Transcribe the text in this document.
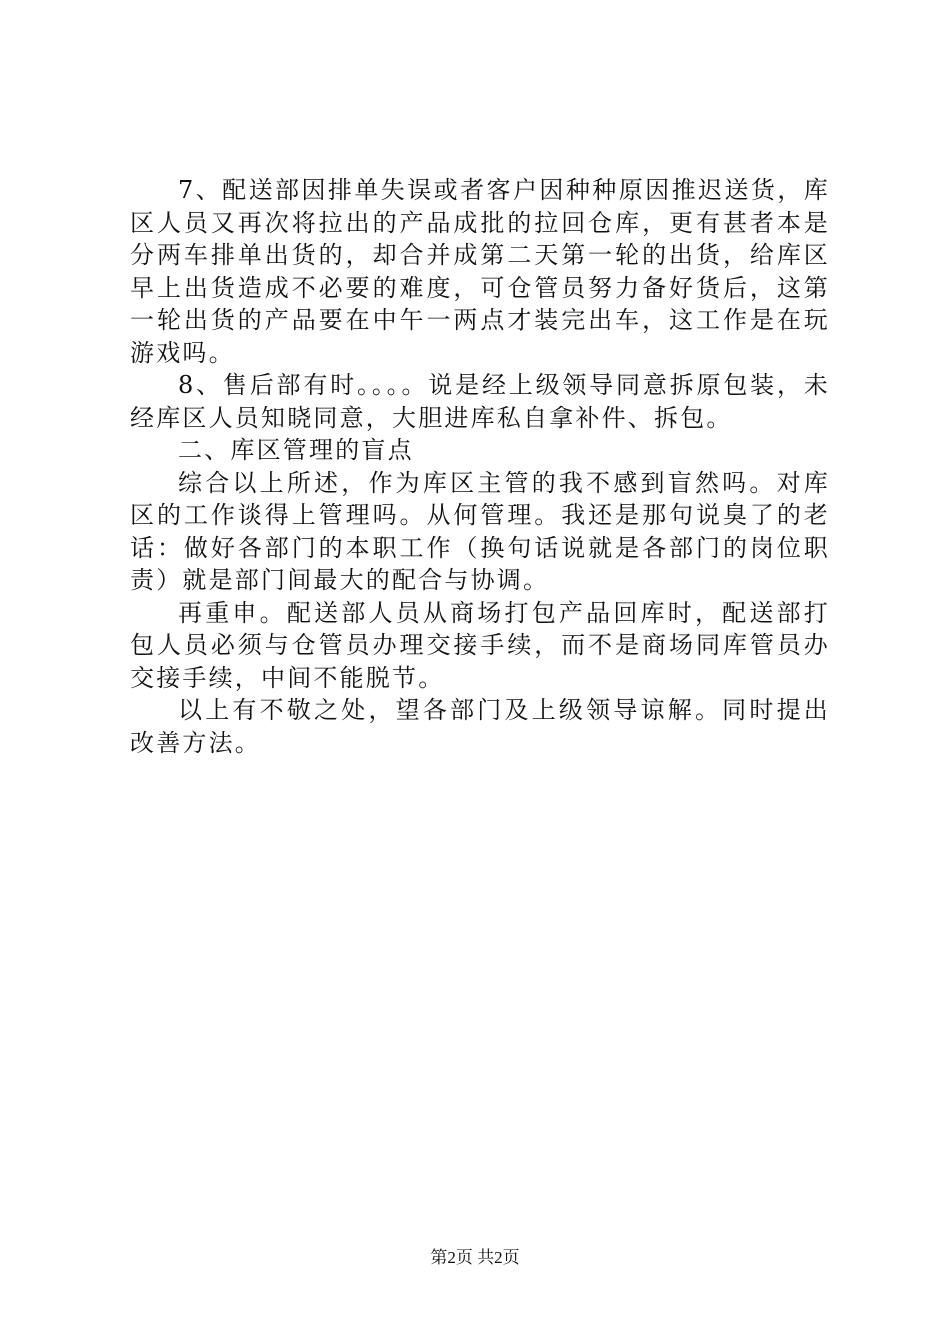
7、配送部因排单失误或者客户因种种原因推迟送货，库区人员又再次将拉出的产品成批的拉回仓库，更有甚者本是分两车排单出货的，却合并成第二天第一轮的出货，给库区早上出货造成不必要的难度，可仓管员努力备好货后，这第一轮出货的产品要在中午一两点才装完出车，这工作是在玩游戏吗。

8、售后部有时。。。。说是经上级领导同意拆原包装，未经库区人员知晓同意，大胆进库私自拿补件、拆包。

二、库区管理的盲点

综合以上所述，作为库区主管的我不感到盲然吗。对库区的工作谈得上管理吗。从何管理。我还是那句说臭了的老话：做好各部门的本职工作（换句话说就是各部门的岗位职责）就是部门间最大的配合与协调。

再重申。配送部人员从商场打包产品回库时，配送部打包人员必须与仓管员办理交接手续，而不是商场同库管员办交接手续，中间不能脱节。

以上有不敬之处，望各部门及上级领导谅解。同时提出改善方法。

第2页 共2页
